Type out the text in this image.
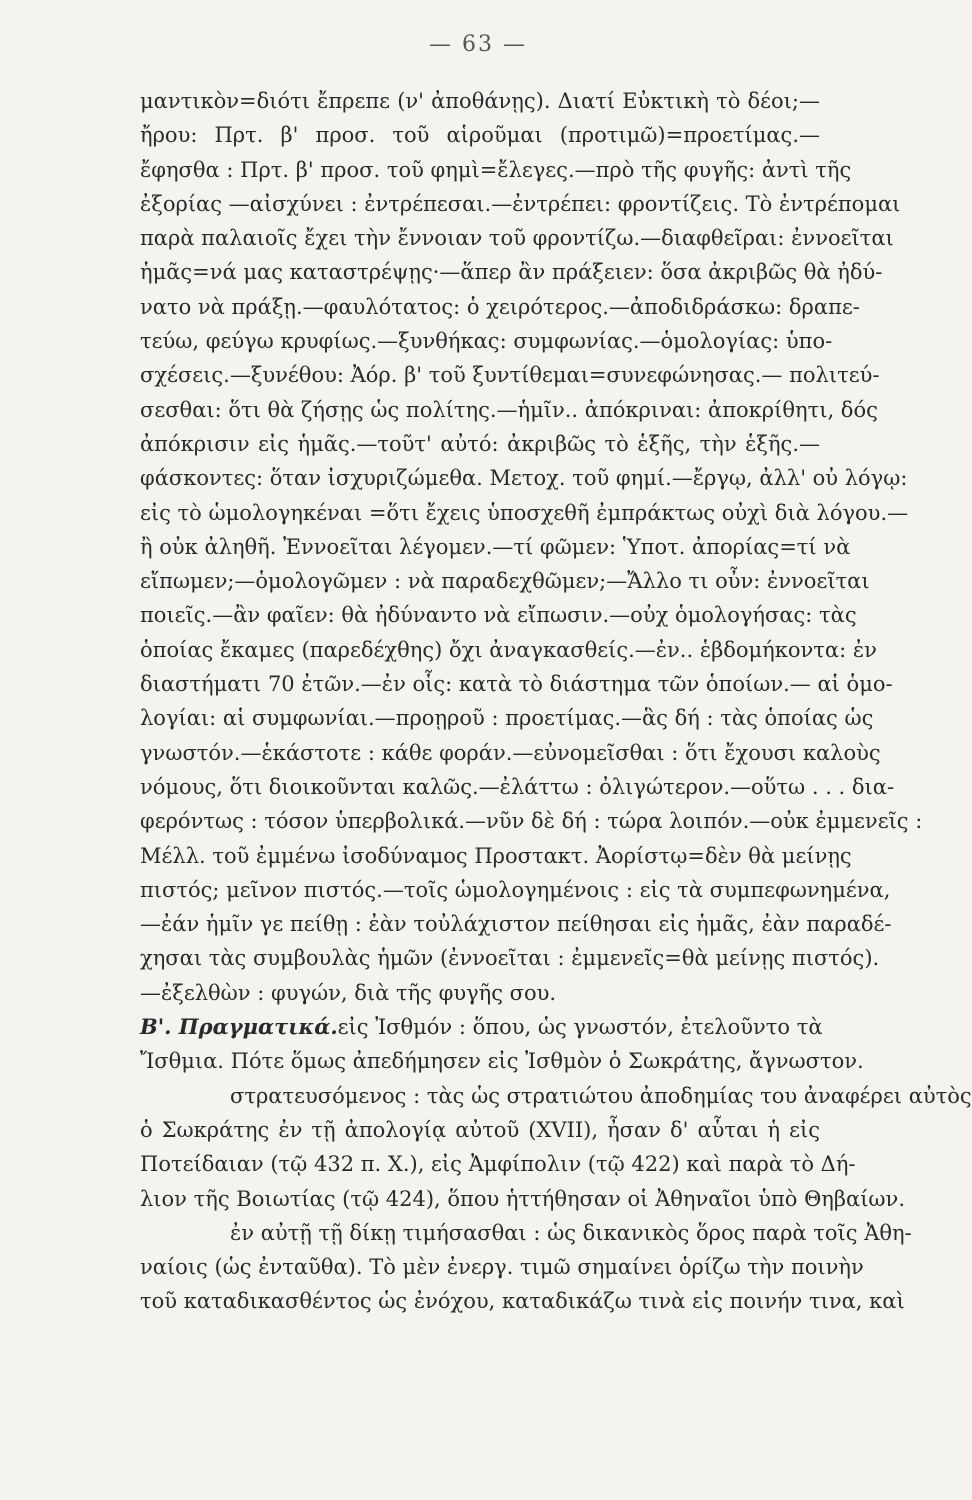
— 63 —
μαντικὸν=διότι ἔπρεπε (ν' ἀποθάνῃς). Διατί Εὐκτικὴ τὸ δέοι;—
ἤρου: Πρτ. β' προσ. τοῦ αἱροῦμαι (προτιμῶ)=προετίμας.—
ἔφησθα : Πρτ. β' προσ. τοῦ φημὶ=ἔλεγες.—πρὸ τῆς φυγῆς: ἀντὶ τῆς
ἐξορίας —αἰσχύνει : ἐντρέπεσαι.—ἐντρέπει: φροντίζεις. Τὸ ἐντρέπομαι
παρὰ παλαιοῖς ἔχει τὴν ἔννοιαν τοῦ φροντίζω.—διαφθεῖραι: ἐννοεῖται
ἡμᾶς=νά μας καταστρέψῃς·—ἅπερ ἂν πράξειεν: ὅσα ἀκριβῶς θὰ ἠδύ-
νατο νὰ πράξῃ.—φαυλότατος: ὁ χειρότερος.—ἀποδιδράσκω: δραπε-
τεύω, φεύγω κρυφίως.—ξυνθήκας: συμφωνίας.—ὁμολογίας: ὑπο-
σχέσεις.—ξυνέθου: Ἀόρ. β' τοῦ ξυντίθεμαι=συνεφώνησας.— πολιτεύ-
σεσθαι: ὅτι θὰ ζήσῃς ὡς πολίτης.—ἡμῖν.. ἀπόκριναι: ἀποκρίθητι, δός
ἀπόκρισιν εἰς ἡμᾶς.—τοῦτ' αὐτό: ἀκριβῶς τὸ ἑξῆς, τὴν ἑξῆς.—
φάσκοντες: ὅταν ἰσχυριζώμεθα. Μετοχ. τοῦ φημί.—ἔργῳ, ἀλλ' οὐ λόγῳ:
εἰς τὸ ὡμολογηκέναι =ὅτι ἔχεις ὑποσχεθῆ ἐμπράκτως οὐχὶ διὰ λόγου.—
ἢ οὐκ ἀληθῆ. Ἐννοεῖται λέγομεν.—τί φῶμεν: Ὑποτ. ἀπορίας=τί νὰ
εἴπωμεν;—ὁμολογῶμεν : νὰ παραδεχθῶμεν;—Ἄλλο τι οὖν: ἐννοεῖται
ποιεῖς.—ἂν φαῖεν: θὰ ἠδύναντο νὰ εἴπωσιν.—οὐχ ὁμολογήσας: τὰς
ὁποίας ἔκαμες (παρεδέχθης) ὄχι ἀναγκασθείς.—ἐν.. ἑβδομήκοντα: ἐν
διαστήματι 70 ἐτῶν.—ἐν οἷς: κατὰ τὸ διάστημα τῶν ὁποίων.— αἱ ὁμο-
λογίαι: αἱ συμφωνίαι.—προῃροῦ : προετίμας.—ἃς δή : τὰς ὁποίας ὡς
γνωστόν.—ἑκάστοτε : κάθε φοράν.—εὐνομεῖσθαι : ὅτι ἔχουσι καλοὺς
νόμους, ὅτι διοικοῦνται καλῶς.—ἐλάττω : ὀλιγώτερον.—οὕτω . . . δια-
φερόντως : τόσον ὑπερβολικά.—νῦν δὲ δή : τώρα λοιπόν.—οὐκ ἐμμενεῖς :
Μέλλ. τοῦ ἐμμένω ἰσοδύναμος Προστακτ. Ἀορίστῳ=δὲν θὰ μείνῃς
πιστός; μεῖνον πιστός.—τοῖς ὡμολογημένοις : εἰς τὰ συμπεφωνημένα,
—ἐάν ἡμῖν γε πείθῃ : ἐὰν τοὐλάχιστον πείθησαι εἰς ἡμᾶς, ἐὰν παραδέ-
χησαι τὰς συμβουλὰς ἡμῶν (ἐννοεῖται : ἐμμενεῖς=θὰ μείνῃς πιστός).
—ἐξελθὼν : φυγών, διὰ τῆς φυγῆς σου.
Β'. Πραγματικά.εἰς Ἰσθμόν : ὅπου, ὡς γνωστόν, ἐτελοῦντο τὰ
Ἴσθμια. Πότε ὅμως ἀπεδήμησεν εἰς Ἰσθμὸν ὁ Σωκράτης, ἄγνωστον.
στρατευσόμενος : τὰς ὡς στρατιώτου ἀποδημίας του ἀναφέρει αὐτὸς
ὁ Σωκράτης ἐν τῇ ἀπολογίᾳ αὐτοῦ (XVII), ἦσαν δ' αὗται ἡ εἰς
Ποτείδαιαν (τῷ 432 π. Χ.), εἰς Ἀμφίπολιν (τῷ 422) καὶ παρὰ τὸ Δή-
λιον τῆς Βοιωτίας (τῷ 424), ὅπου ἡττήθησαν οἱ Ἀθηναῖοι ὑπὸ Θηβαίων.
ἐν αὐτῇ τῇ δίκῃ τιμήσασθαι : ὡς δικανικὸς ὅρος παρὰ τοῖς Ἀθη-
ναίοις (ὡς ἐνταῦθα). Τὸ μὲν ἐνεργ. τιμῶ σημαίνει ὁρίζω τὴν ποινὴν
τοῦ καταδικασθέντος ὡς ἐνόχου, καταδικάζω τινὰ εἰς ποινήν τινα, καὶ
